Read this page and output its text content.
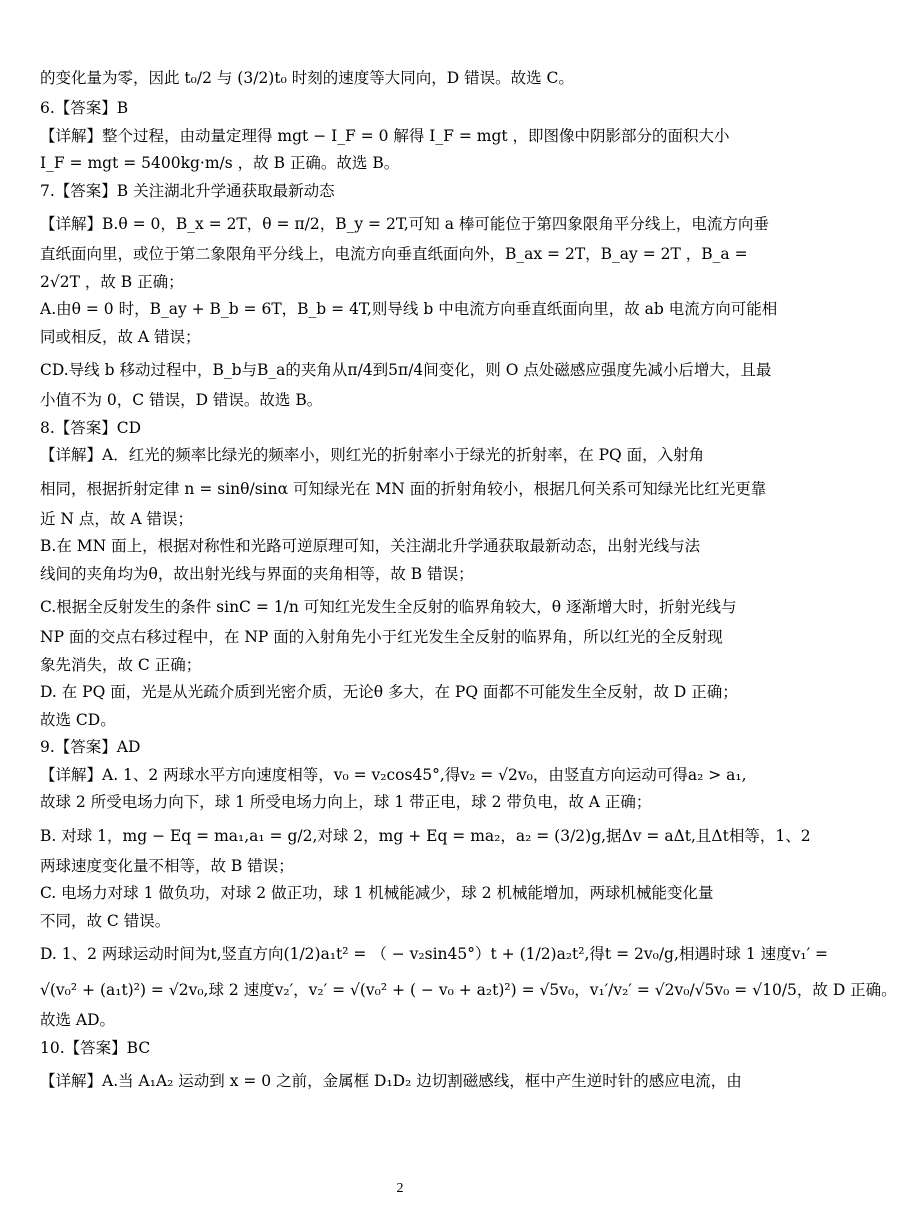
的变化量为零，因此 t₀/2 与 (3/2)t₀ 时刻的速度等大同向，D 错误。故选 C。
6.【答案】B
【详解】整个过程，由动量定理得 mgt − I_F = 0 解得 I_F = mgt ，即图像中阴影部分的面积大小
I_F = mgt = 5400kg·m/s ，故 B 正确。故选 B。
7.【答案】B 关注湖北升学通获取最新动态
【详解】B.θ = 0，B_x = 2T，θ = π/2，B_y = 2T,可知 a 棒可能位于第四象限角平分线上，电流方向垂
直纸面向里，或位于第二象限角平分线上，电流方向垂直纸面向外，B_ax = 2T，B_ay = 2T ，B_a =
2√2T ，故 B 正确；
A.由θ = 0 时，B_ay + B_b = 6T，B_b = 4T,则导线 b 中电流方向垂直纸面向里，故 ab 电流方向可能相
同或相反，故 A 错误；
CD.导线 b 移动过程中，B_b与B_a的夹角从π/4到5π/4间变化，则 O 点处磁感应强度先减小后增大，且最
小值不为 0，C 错误，D 错误。故选 B。
8.【答案】CD
【详解】A．红光的频率比绿光的频率小，则红光的折射率小于绿光的折射率，在 PQ 面，入射角
相同，根据折射定律 n = sinθ/sinα 可知绿光在 MN 面的折射角较小，根据几何关系可知绿光比红光更靠
近 N 点，故 A 错误；
B.在 MN 面上，根据对称性和光路可逆原理可知，关注湖北升学通获取最新动态，出射光线与法
线间的夹角均为θ，故出射光线与界面的夹角相等，故 B 错误；
C.根据全反射发生的条件 sinC = 1/n 可知红光发生全反射的临界角较大，θ 逐渐增大时，折射光线与
NP 面的交点右移过程中，在 NP 面的入射角先小于红光发生全反射的临界角，所以红光的全反射现
象先消失，故 C 正确；
D. 在 PQ 面，光是从光疏介质到光密介质，无论θ 多大，在 PQ 面都不可能发生全反射，故 D 正确；
故选 CD。
9.【答案】AD
【详解】A. 1、2 两球水平方向速度相等，v₀ = v₂cos45°,得v₂ = √2v₀，由竖直方向运动可得a₂ > a₁,
故球 2 所受电场力向下，球 1 所受电场力向上，球 1 带正电，球 2 带负电，故 A 正确；
B. 对球 1，mg − Eq = ma₁,a₁ = g/2,对球 2，mg + Eq = ma₂，a₂ = (3/2)g,据Δv = aΔt,且Δt相等，1、2
两球速度变化量不相等，故 B 错误；
C. 电场力对球 1 做负功，对球 2 做正功，球 1 机械能减少，球 2 机械能增加，两球机械能变化量
不同，故 C 错误。
D. 1、2 两球运动时间为t,竖直方向(1/2)a₁t² = （ − v₂sin45°）t + (1/2)a₂t²,得t = 2v₀/g,相遇时球 1 速度v₁′ =
√(v₀² + (a₁t)²) = √2v₀,球 2 速度v₂′，v₂′ = √(v₀² + ( − v₀ + a₂t)²) = √5v₀，v₁′/v₂′ = √2v₀/√5v₀ = √10/5，故 D 正确。
故选 AD。
10.【答案】BC
【详解】A.当 A₁A₂ 运动到 x = 0 之前，金属框 D₁D₂ 边切割磁感线，框中产生逆时针的感应电流，由
2
